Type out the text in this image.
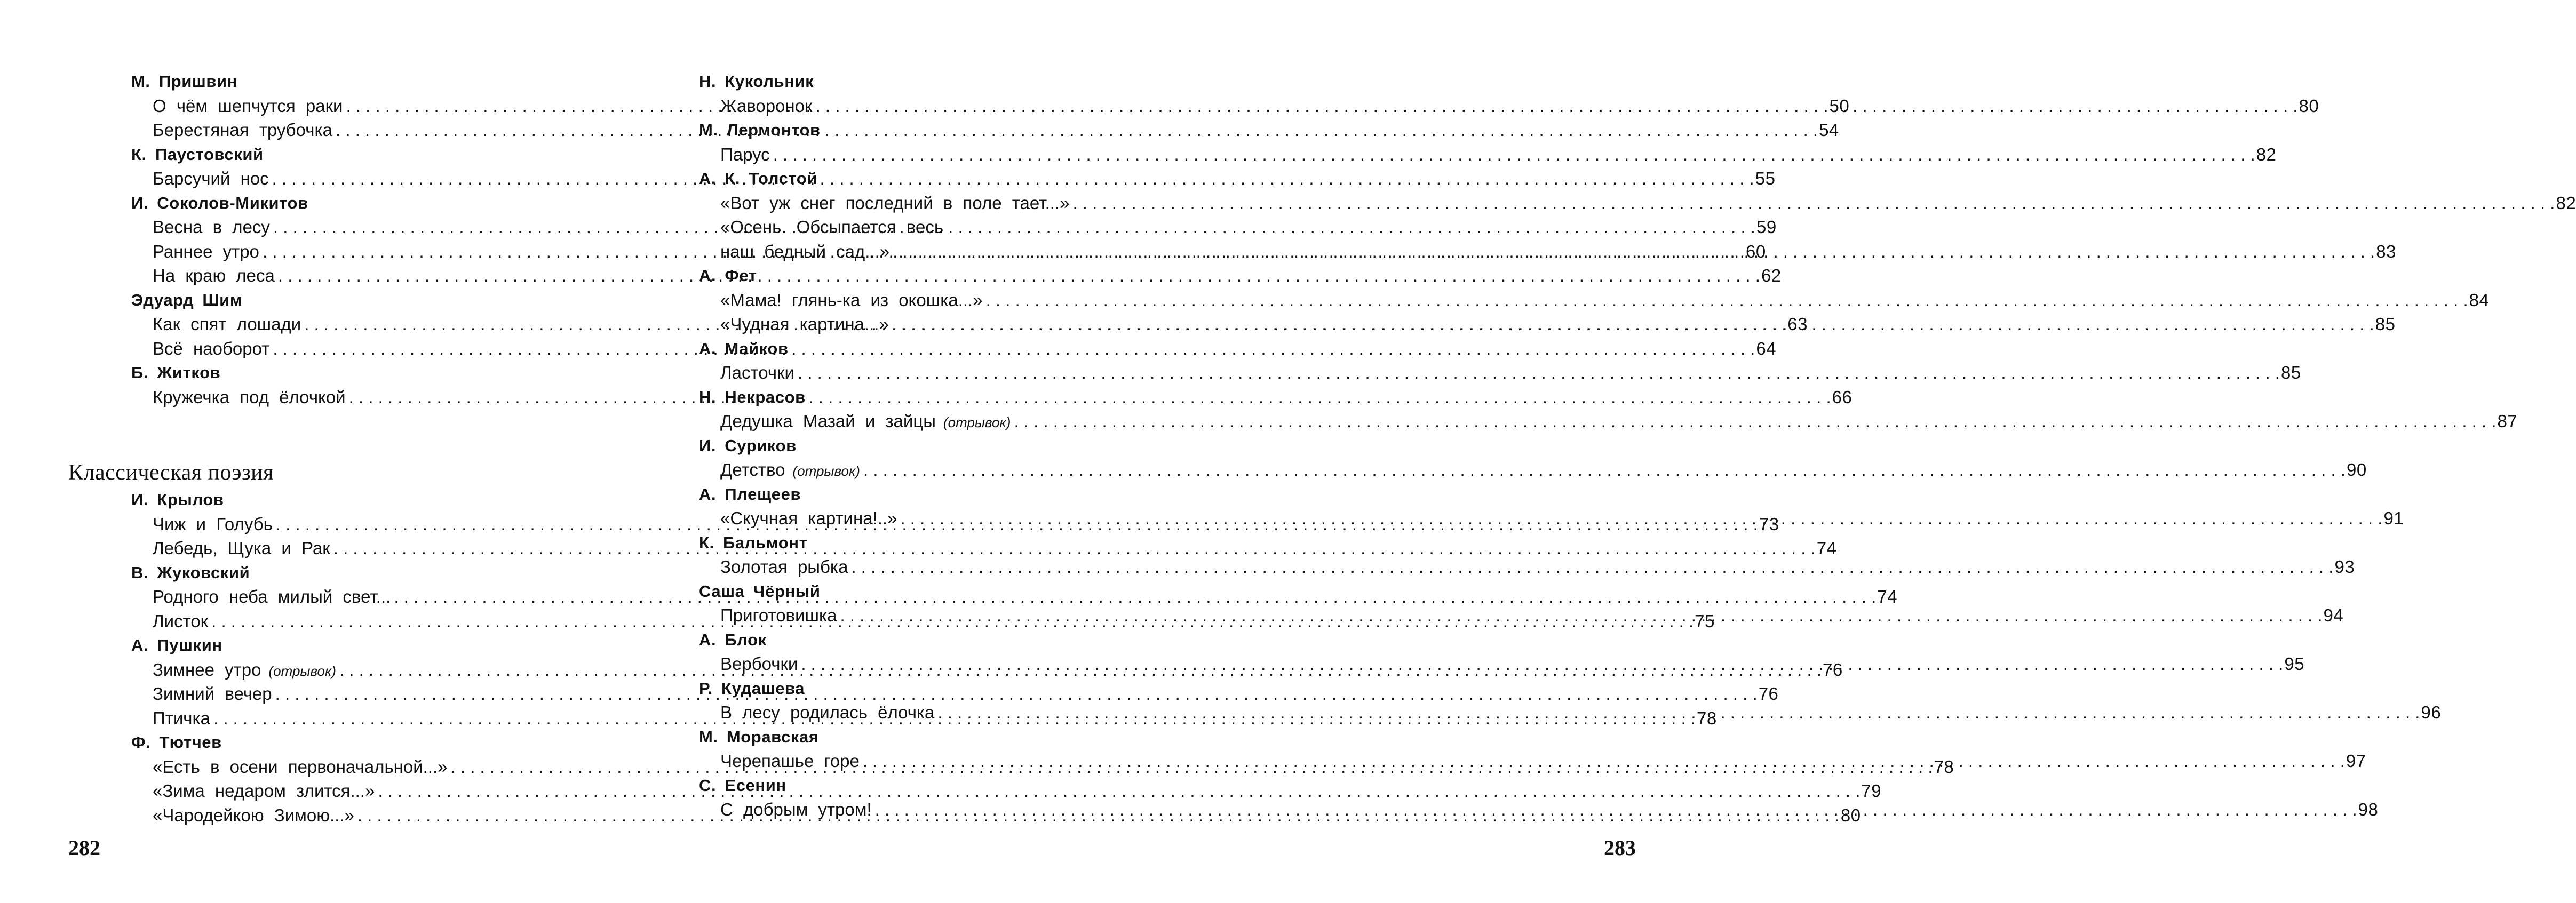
М. Пришвин
О чём шепчутся раки . . .	50
Берестяная трубочка . . .	54
К. Паустовский
Барсучий нос . . .	55
И. Соколов-Микитов
Весна в лесу . . .	59
Раннее утро . . .	60
На краю леса . . .	62
Эдуард Шим
Как спят лошади . . .	63
Всё наоборот . . .	64
Б. Житков
Кружечка под ёлочкой . . .	66
Классическая поэзия
И. Крылов
Чиж и Голубь . . .	73
Лебедь, Щука и Рак . . .	74
В. Жуковский
Родного неба милый свет... . . .	74
Листок . . .	75
А. Пушкин
Зимнее утро (отрывок) . . .	76
Зимний вечер . . .	76
Птичка . . .	78
Ф. Тютчев
«Есть в осени первоначальной...» . . .	78
«Зима недаром злится...» . . .	79
«Чародейкою Зимою...» . . .	80
282
Н. Кукольник
Жаворонок . . .	80
М. Лермонтов
Парус . . .	82
А. К. Толстой
«Вот уж снег последний в поле тает...» . . .	82
«Осень. Обсыпается весь
наш бедный сад...» . . .	83
А. Фет
«Мама! глянь-ка из окошка...» . . .	84
«Чудная картина...» . . .	85
А. Майков
Ласточки . . .	85
Н. Некрасов
Дедушка Мазай и зайцы (отрывок) . . .	87
И. Суриков
Детство (отрывок) . . .	90
А. Плещеев
«Скучная картина!..» . . .	91
К. Бальмонт
Золотая рыбка . . .	93
Саша Чёрный
Приготовишка . . .	94
А. Блок
Вербочки . . .	95
Р. Кудашева
В лесу родилась ёлочка . . .	96
М. Моравская
Черепашье горе . . .	97
С. Есенин
С добрым утром! . . .	98
283
